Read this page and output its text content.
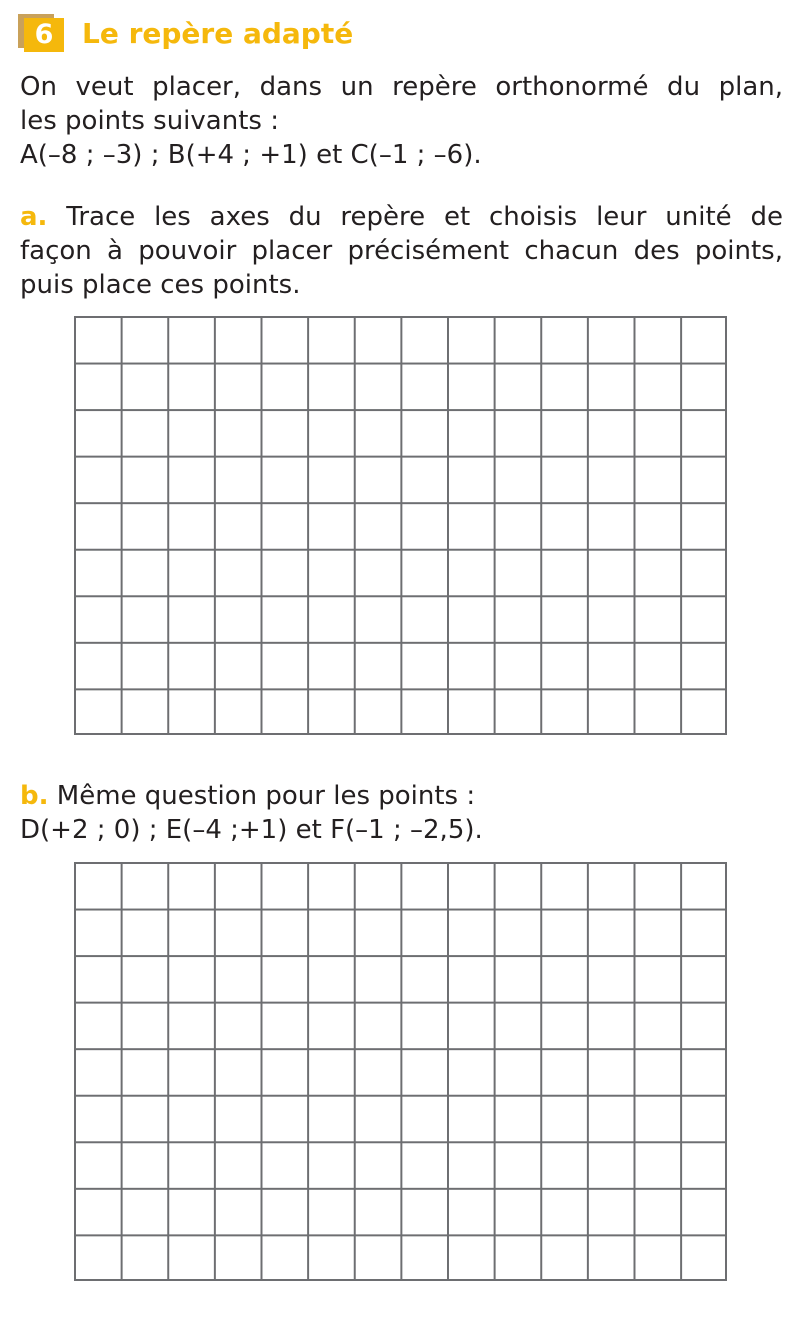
6	Le repère adapté
On veut placer, dans un repère orthonormé du plan,
les points suivants :
A(–8 ; –3) ; B(+4 ; +1) et C(–1 ; –6).
a. Trace les axes du repère et choisis leur unité de
façon à pouvoir placer précisément chacun des points,
puis place ces points.
b. Même question pour les points :
D(+2 ; 0) ; E(–4 ;+1) et F(–1 ; –2,5).
